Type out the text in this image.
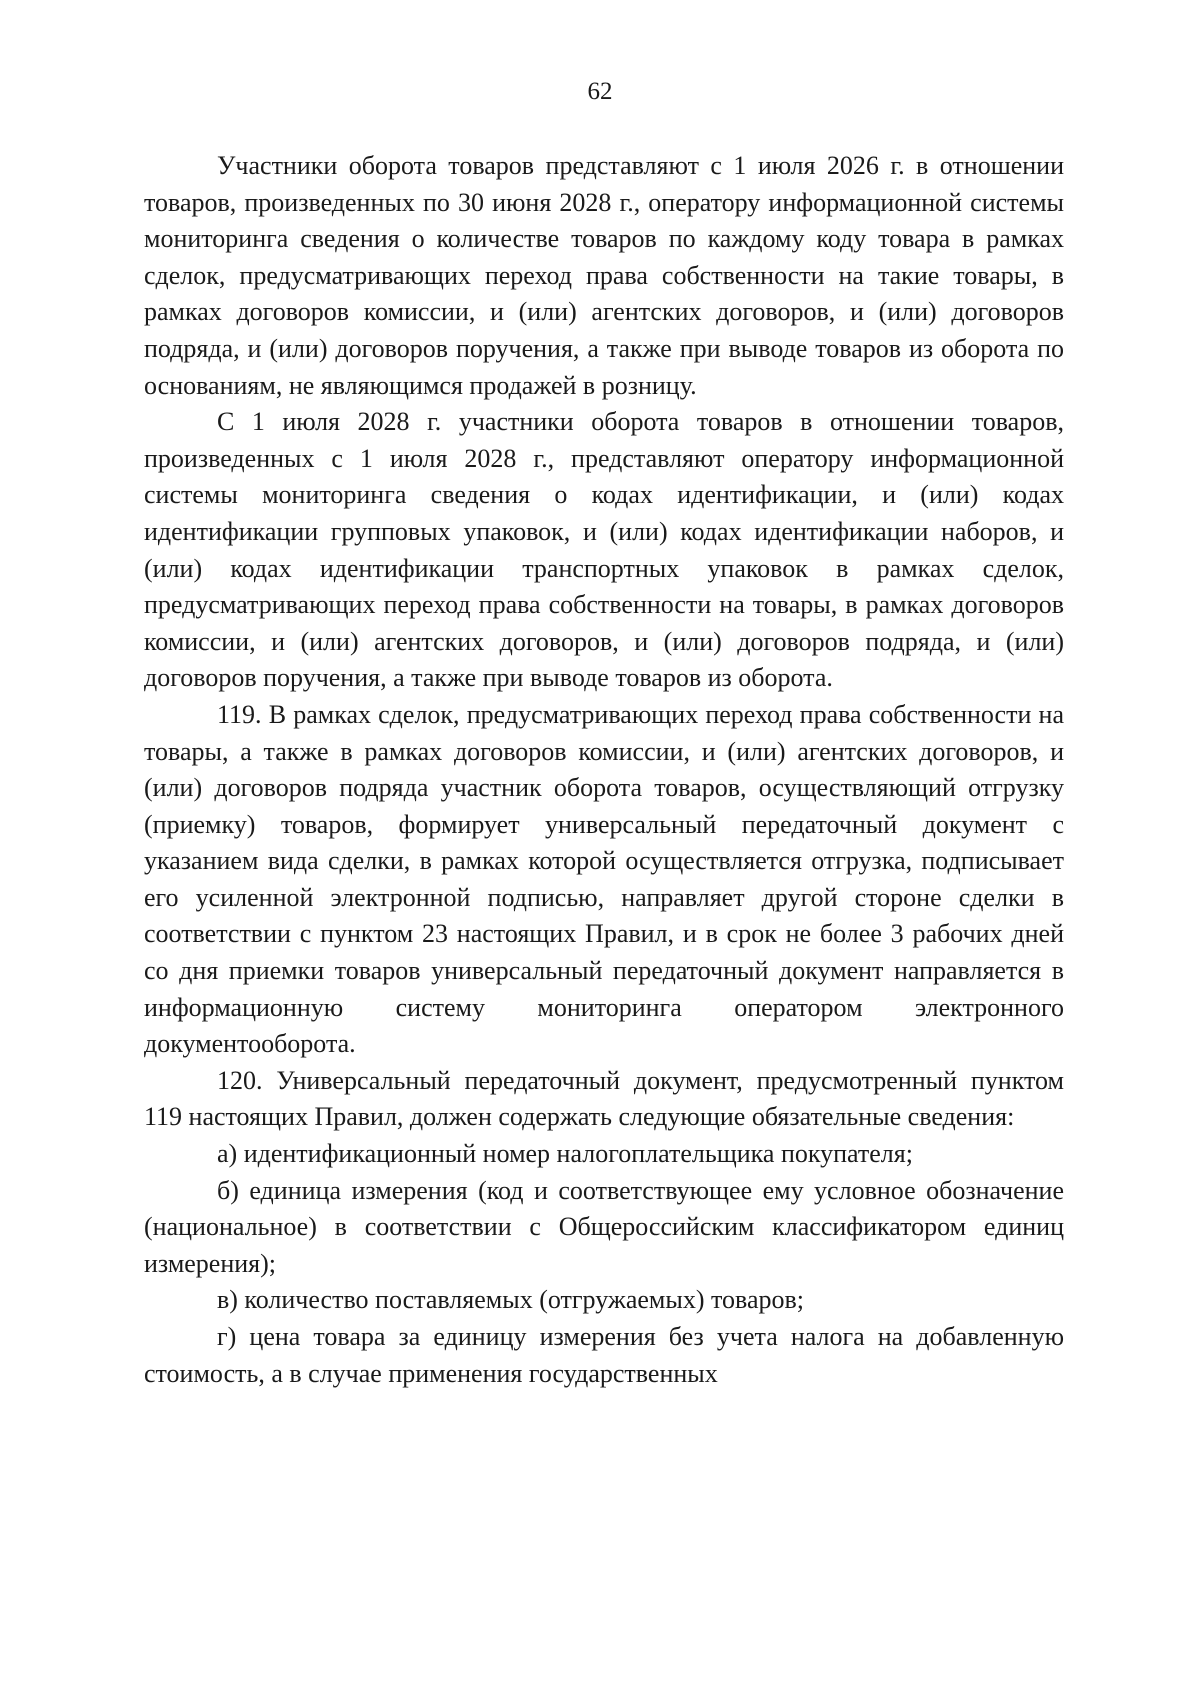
62

Участники оборота товаров представляют с 1 июля 2026 г. в отношении товаров, произведенных по 30 июня 2028 г., оператору информационной системы мониторинга сведения о количестве товаров по каждому коду товара в рамках сделок, предусматривающих переход права собственности на такие товары, в рамках договоров комиссии, и (или) агентских договоров, и (или) договоров подряда, и (или) договоров поручения, а также при выводе товаров из оборота по основаниям, не являющимся продажей в розницу.

С 1 июля 2028 г. участники оборота товаров в отношении товаров, произведенных с 1 июля 2028 г., представляют оператору информационной системы мониторинга сведения о кодах идентификации, и (или) кодах идентификации групповых упаковок, и (или) кодах идентификации наборов, и (или) кодах идентификации транспортных упаковок в рамках сделок, предусматривающих переход права собственности на товары, в рамках договоров комиссии, и (или) агентских договоров, и (или) договоров подряда, и (или) договоров поручения, а также при выводе товаров из оборота.

119. В рамках сделок, предусматривающих переход права собственности на товары, а также в рамках договоров комиссии, и (или) агентских договоров, и (или) договоров подряда участник оборота товаров, осуществляющий отгрузку (приемку) товаров, формирует универсальный передаточный документ с указанием вида сделки, в рамках которой осуществляется отгрузка, подписывает его усиленной электронной подписью, направляет другой стороне сделки в соответствии с пунктом 23 настоящих Правил, и в срок не более 3 рабочих дней со дня приемки товаров универсальный передаточный документ направляется в информационную систему мониторинга оператором электронного документооборота.

120. Универсальный передаточный документ, предусмотренный пунктом 119 настоящих Правил, должен содержать следующие обязательные сведения:

а) идентификационный номер налогоплательщика покупателя;

б) единица измерения (код и соответствующее ему условное обозначение (национальное) в соответствии с Общероссийским классификатором единиц измерения);

в) количество поставляемых (отгружаемых) товаров;

г) цена товара за единицу измерения без учета налога на добавленную стоимость, а в случае применения государственных
